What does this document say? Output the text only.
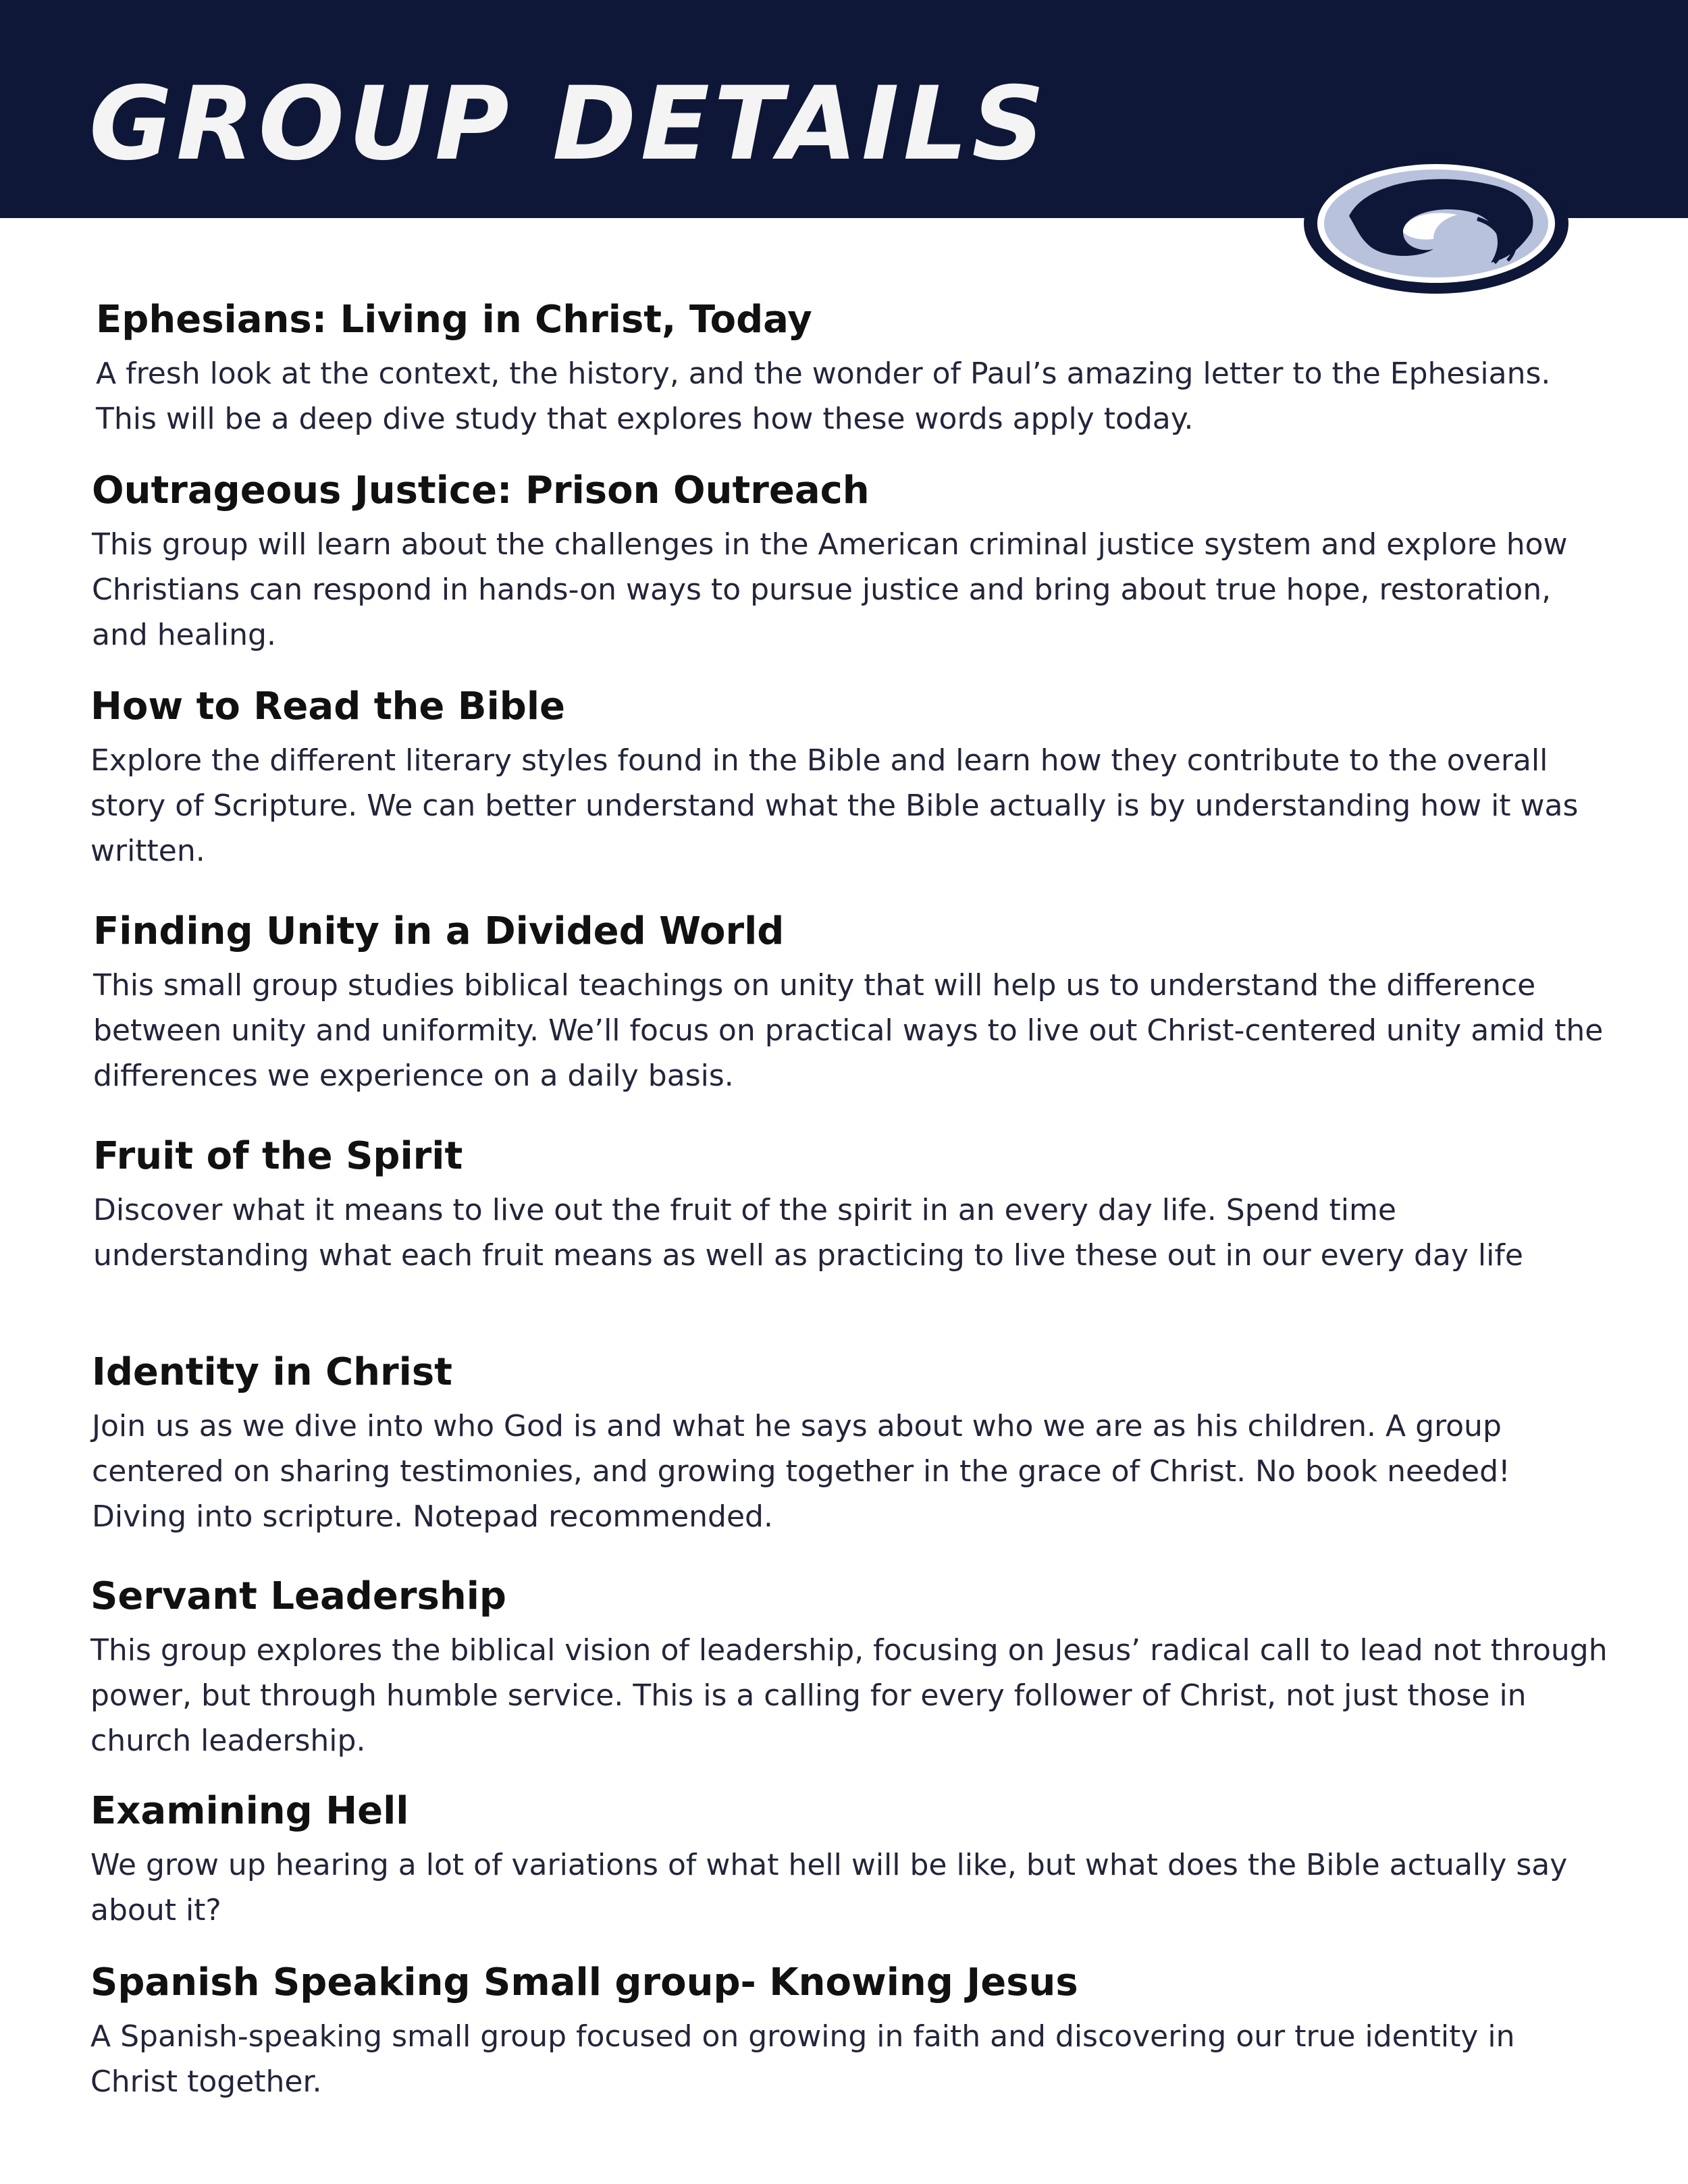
GROUP DETAILS
Ephesians: Living in Christ, Today

A fresh look at the context, the history, and the wonder of Paul’s amazing letter to the Ephesians. This will be a deep dive study that explores how these words apply today.

Outrageous Justice: Prison Outreach

This group will learn about the challenges in the American criminal justice system and explore how Christians can respond in hands-on ways to pursue justice and bring about true hope, restoration, and healing.

How to Read the Bible

Explore the different literary styles found in the Bible and learn how they contribute to the overall story of Scripture. We can better understand what the Bible actually is by understanding how it was written.

Finding Unity in a Divided World

This small group studies biblical teachings on unity that will help us to understand the difference between unity and uniformity. We’ll focus on practical ways to live out Christ-centered unity amid the differences we experience on a daily basis.

Fruit of the Spirit

Discover what it means to live out the fruit of the spirit in an every day life. Spend time understanding what each fruit means as well as practicing to live these out in our every day life

Identity in Christ

Join us as we dive into who God is and what he says about who we are as his children. A group centered on sharing testimonies, and growing together in the grace of Christ. No book needed! Diving into scripture. Notepad recommended.

Servant Leadership

This group explores the biblical vision of leadership, focusing on Jesus’ radical call to lead not through power, but through humble service. This is a calling for every follower of Christ, not just those in church leadership.

Examining Hell

We grow up hearing a lot of variations of what hell will be like, but what does the Bible actually say about it?

Spanish Speaking Small group- Knowing Jesus

A Spanish-speaking small group focused on growing in faith and discovering our true identity in Christ together.
